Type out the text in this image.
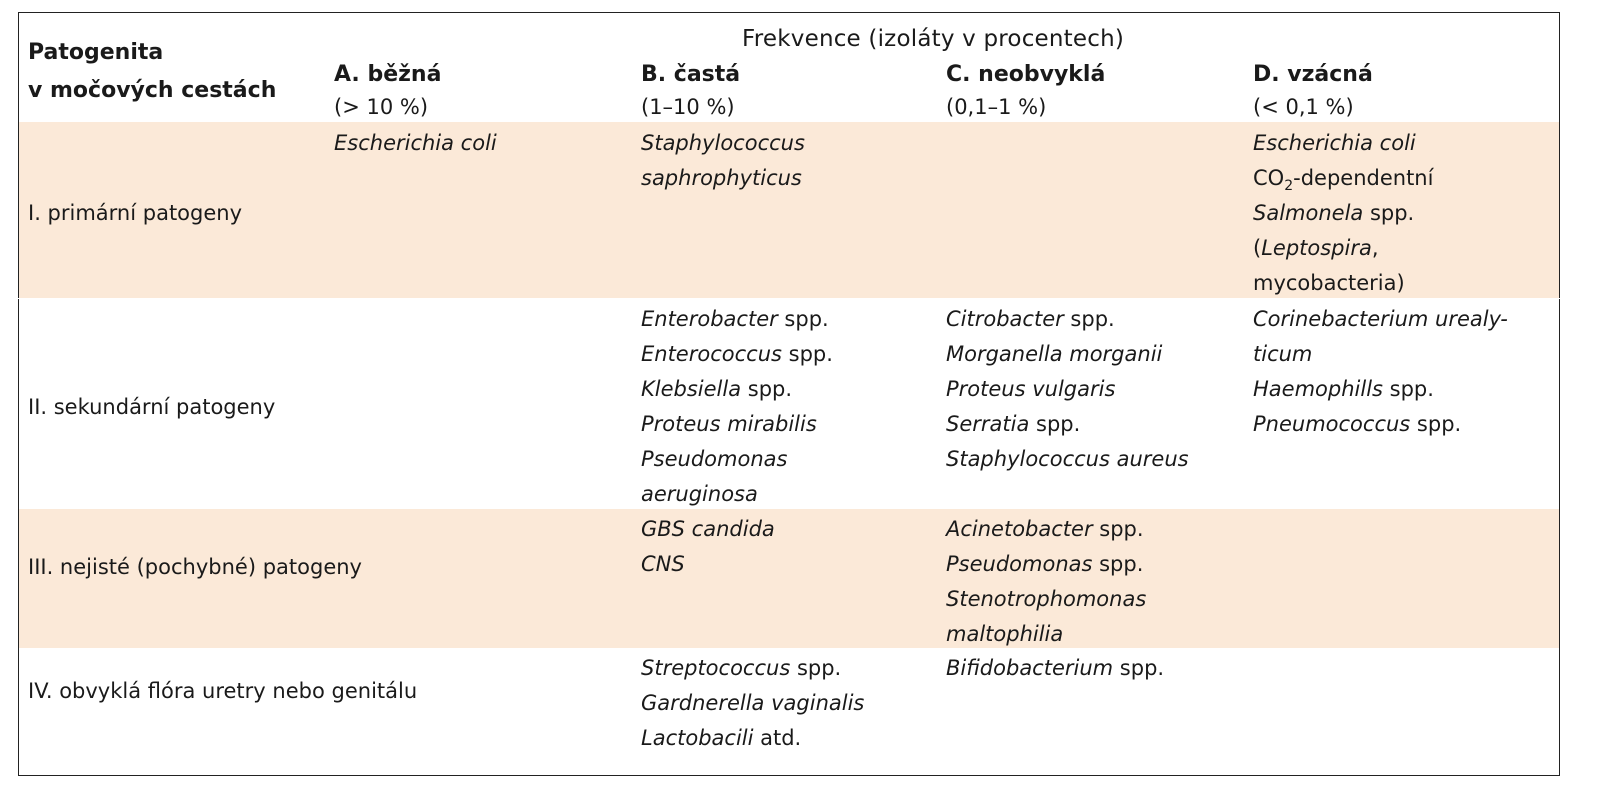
Frekvence (izoláty v procentech)
Patogenita
v močových cestách
A. běžná
(> 10 %)
B. častá
(1–10 %)
C. neobvyklá
(0,1–1 %)
D. vzácná
(< 0,1 %)
I. primární patogeny
Escherichia coli	Staphylococcus
saphrophyticus
Escherichia coli
$CO_2$-dependentní
Salmonela spp.
(Leptospira,
mycobacteria)
II. sekundární patogeny
Enterobacter spp.
Enterococcus spp.
Klebsiella spp.
Proteus mirabilis
Pseudomonas
aeruginosa
Citrobacter spp.
Morganella morganii
Proteus vulgaris
Serratia spp.
Staphylococcus aureus
Corinebacterium urealy-
ticum
Haemophills spp.
Pneumococcus spp.
III. nejisté (pochybné) patogeny
GBS candida
CNS
Acinetobacter spp.
Pseudomonas spp.
Stenotrophomonas
maltophilia
IV. obvyklá flóra uretry nebo genitálu
Streptococcus spp.
Gardnerella vaginalis
Lactobacili atd.
Bifidobacterium spp.
